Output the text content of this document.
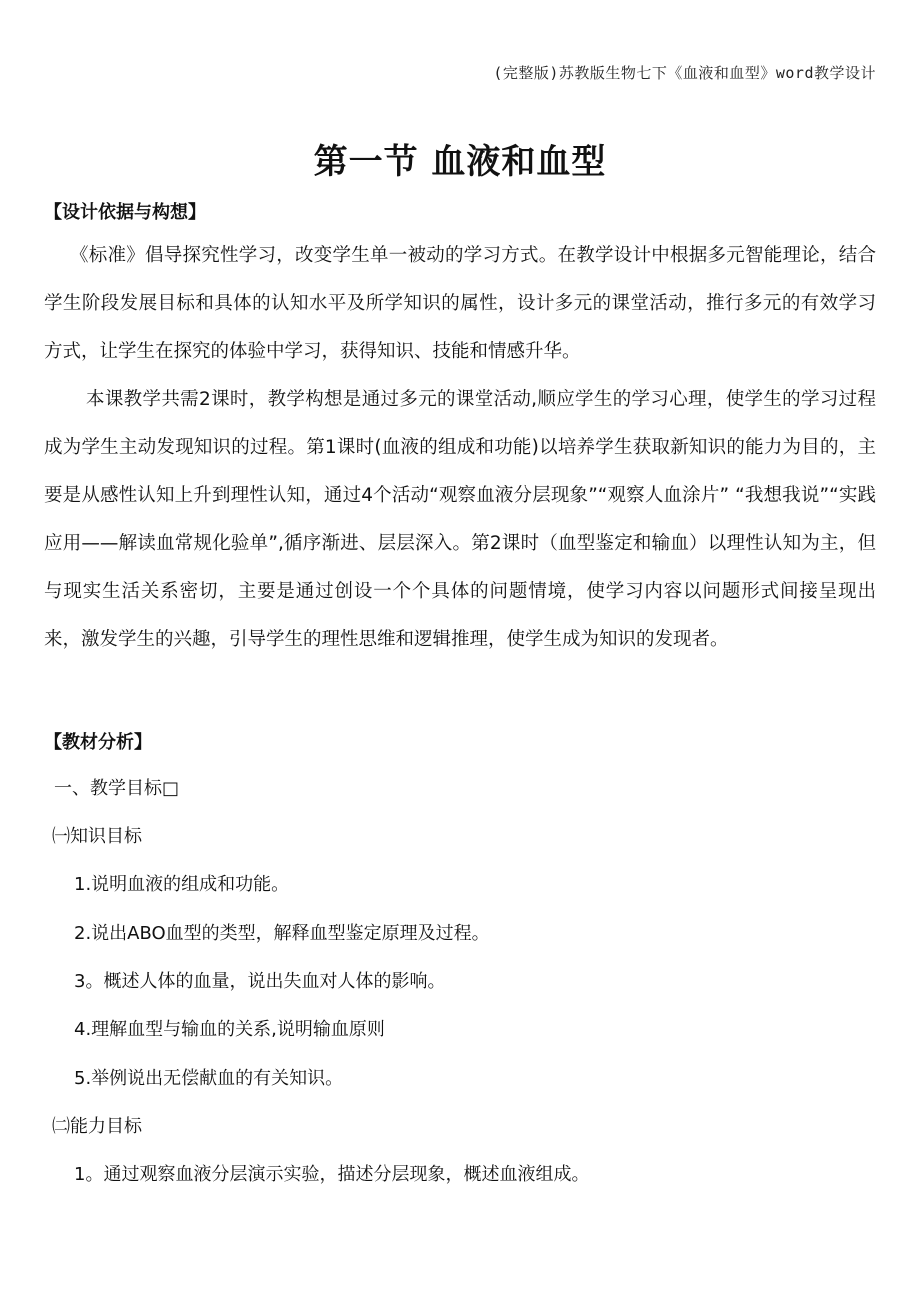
(完整版)苏教版生物七下《血液和血型》word教学设计
第一节 血液和血型
【设计依据与构想】
《标准》倡导探究性学习，改变学生单一被动的学习方式。在教学设计中根据多元智能理论，结合学生阶段发展目标和具体的认知水平及所学知识的属性，设计多元的课堂活动，推行多元的有效学习方式，让学生在探究的体验中学习，获得知识、技能和情感升华。
本课教学共需2课时，教学构想是通过多元的课堂活动,顺应学生的学习心理，使学生的学习过程成为学生主动发现知识的过程。第1课时(血液的组成和功能)以培养学生获取新知识的能力为目的，主要是从感性认知上升到理性认知，通过4个活动“观察血液分层现象”“观察人血涂片” “我想我说”“实践应用——解读血常规化验单”,循序渐进、层层深入。第2课时（血型鉴定和输血）以理性认知为主，但与现实生活关系密切，主要是通过创设一个个具体的问题情境，使学习内容以问题形式间接呈现出来，激发学生的兴趣，引导学生的理性思维和逻辑推理，使学生成为知识的发现者。
【教材分析】
一、教学目标□
㈠知识目标
1.说明血液的组成和功能。
2.说出ABO血型的类型，解释血型鉴定原理及过程。
3。概述人体的血量，说出失血对人体的影响。
4.理解血型与输血的关系,说明输血原则
5.举例说出无偿献血的有关知识。
㈡能力目标
1。通过观察血液分层演示实验，描述分层现象，概述血液组成。
